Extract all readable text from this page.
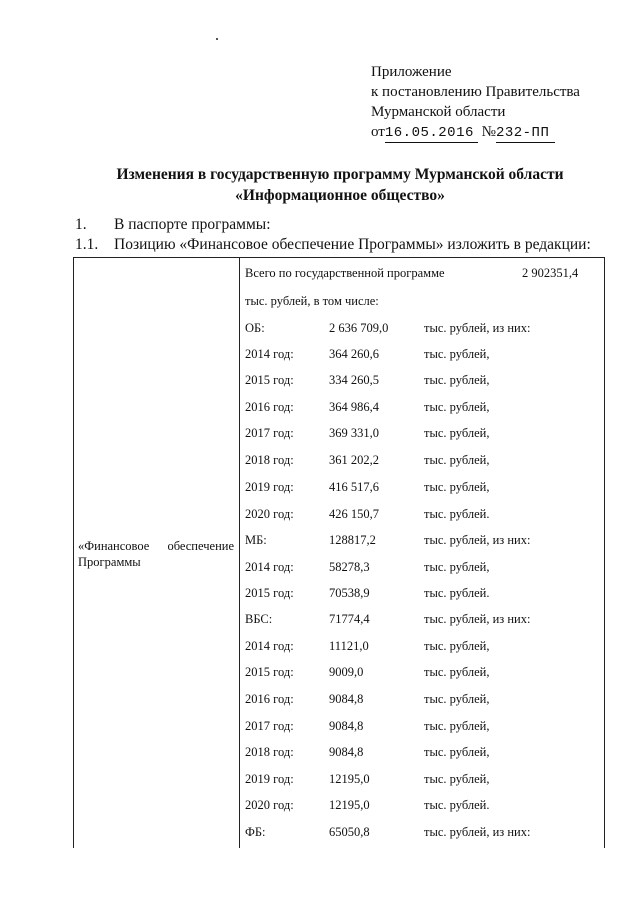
Приложение
к постановлению Правительства
Мурманской области
от16.05.2016 №232-ПП
Изменения в государственную программу Мурманской области
«Информационное общество»
1. В паспорте программы:
1.1. Позицию «Финансовое обеспечение Программы» изложить в редакции:
«Финансовое обеспечение
Программы
Всего по государственной программе	2 902351,4
тыс. рублей, в том числе:
ОБ:	2 636 709,0	тыс. рублей, из них:
2014 год:	364 260,6	тыс. рублей,
2015 год:	334 260,5	тыс. рублей,
2016 год:	364 986,4	тыс. рублей,
2017 год:	369 331,0	тыс. рублей,
2018 год:	361 202,2	тыс. рублей,
2019 год:	416 517,6	тыс. рублей,
2020 год:	426 150,7	тыс. рублей.
МБ:	128817,2	тыс. рублей, из них:
2014 год:	58278,3	тыс. рублей,
2015 год:	70538,9	тыс. рублей.
ВБС:	71774,4	тыс. рублей, из них:
2014 год:	11121,0	тыс. рублей,
2015 год:	9009,0	тыс. рублей,
2016 год:	9084,8	тыс. рублей,
2017 год:	9084,8	тыс. рублей,
2018 год:	9084,8	тыс. рублей,
2019 год:	12195,0	тыс. рублей,
2020 год:	12195,0	тыс. рублей.
ФБ:	65050,8	тыс. рублей, из них:
